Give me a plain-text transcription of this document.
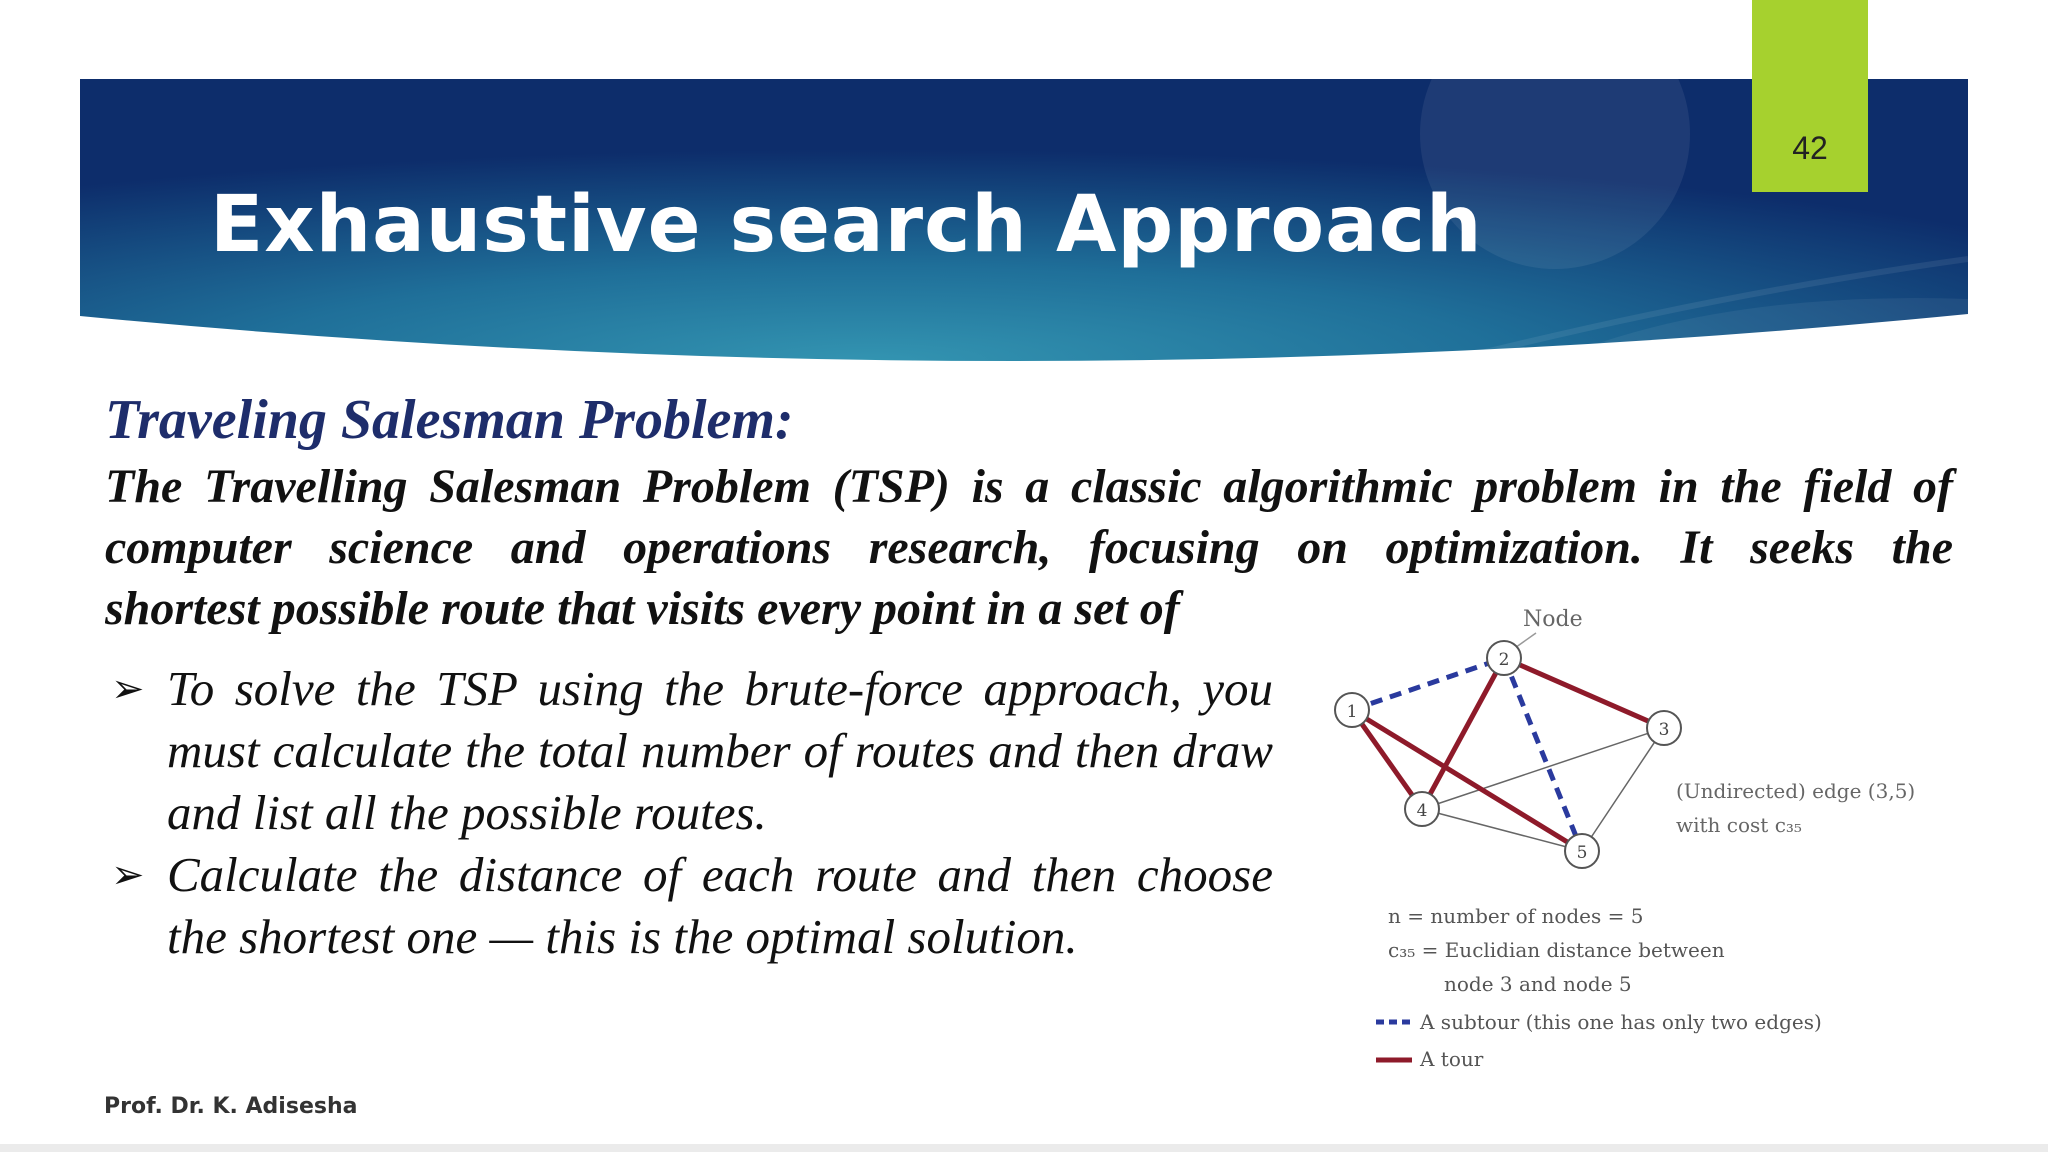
42
Exhaustive search Approach
Traveling Salesman Problem:
The Travelling Salesman Problem (TSP) is a classic algorithmic problem in the field of
computer science and operations research, focusing on optimization. It seeks the
shortest possible route that visits every point in a set of
➢ To solve the TSP using the brute-force approach, you must calculate the total number of routes and then draw and list all the possible routes.
➢ Calculate the distance of each route and then choose the shortest one — this is the optimal solution.
Node
1
2
3
4
5
(Undirected) edge (3,5)
with cost c₃₅
n = number of nodes = 5
c₃₅ = Euclidian distance between
node 3 and node 5
A subtour (this one has only two edges)
A tour
Prof. Dr. K. Adisesha
